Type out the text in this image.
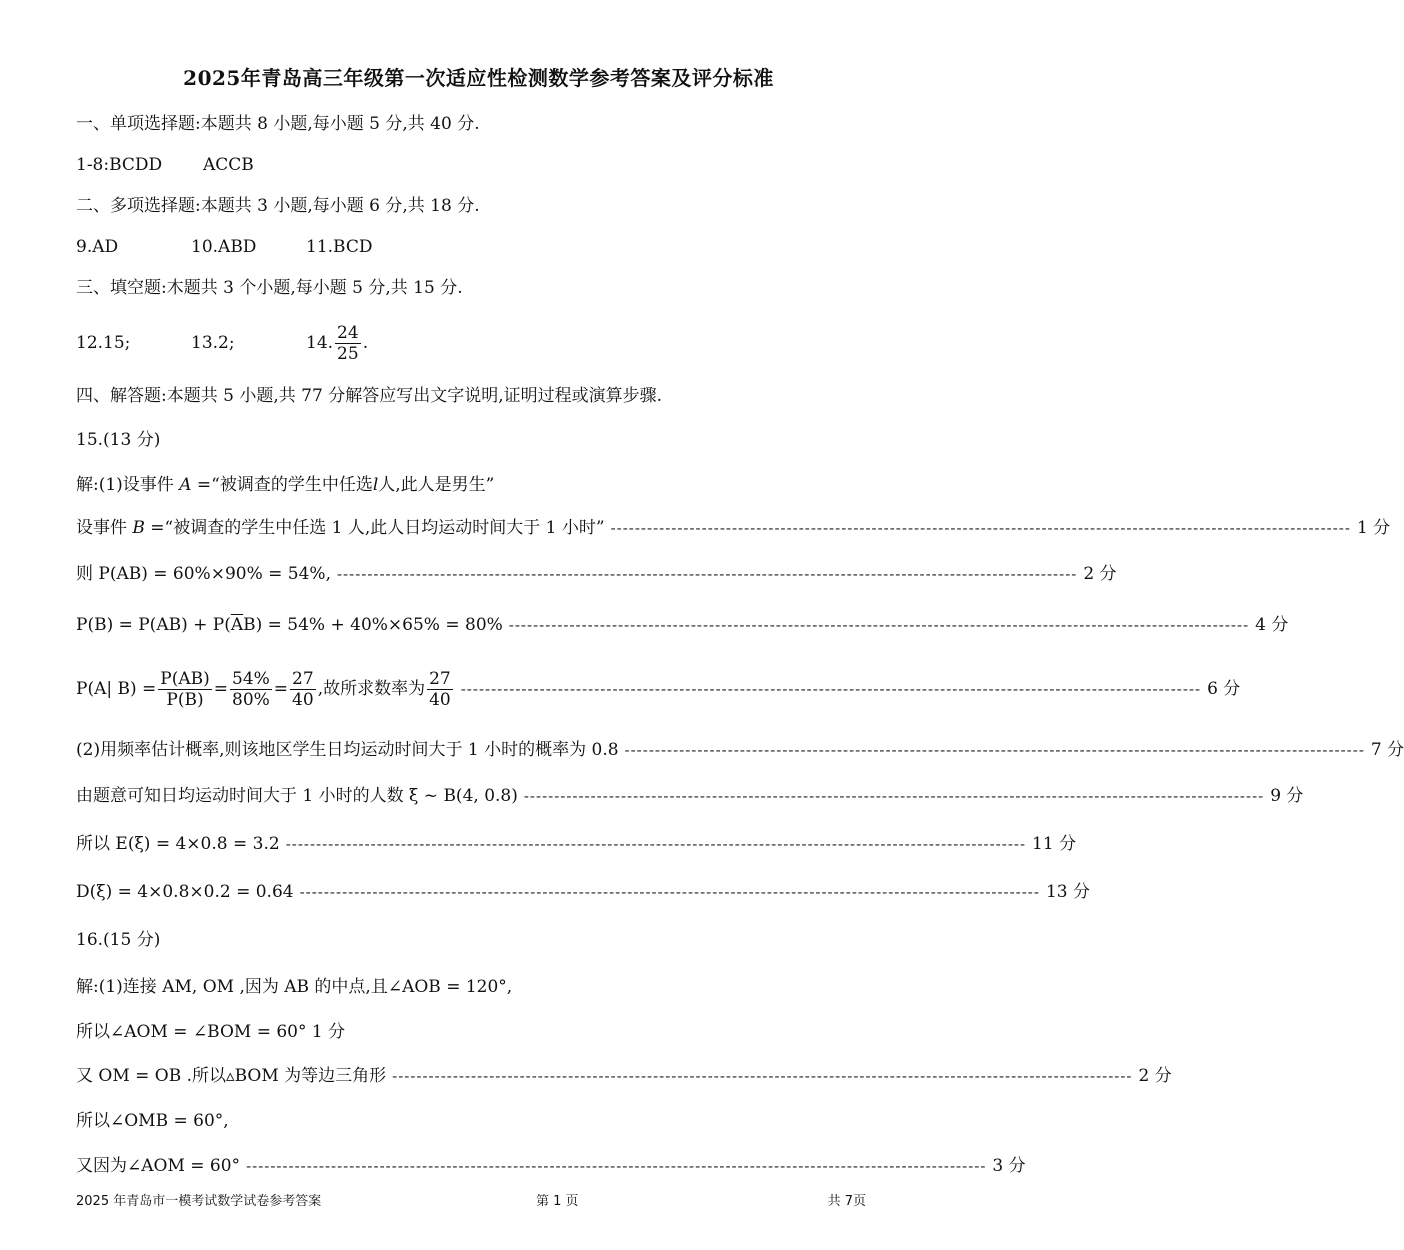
2025年青岛高三年级第一次适应性检测数学参考答案及评分标准
一、单项选择题:本题共 8 小题,每小题 5 分,共 40 分.
1-8:BCDD ACCB
二、多项选择题:本题共 3 小题,每小题 6 分,共 18 分.
9.AD	10.ABD	11.BCD
三、填空题:木题共 3 个小题,每小题 5 分,共 15 分.
12.15;	13.2;	14. $\frac{24}{25}$ .
四、解答题:本题共 5 小题,共 77 分解答应写出文字说明,证明过程或演算步骤.
15.(13 分)
解:(1)设事件 A =“被调查的学生中任选l人,此人是男生”
设事件 B =“被调查的学生中任选 1 人,此人日均运动时间大于 1 小时” -------------------------------------------------------------------------------------------------------------------------- 1 分
则 P(AB) = 60%×90% = 54%, -------------------------------------------------------------------------------------------------------------------------- 2 分
$P(B) = P(AB) + P(\overline{A}B) = 54\% + 40\%\times 65\% = 80\%$ -------------------------------------------------------------------------------------------------------------------------- 4 分
P(A| $B) = \frac{P(AB)}{P(B)} = \frac{54\%}{80\%} = \frac{27}{40}$ ,故所求数率为 $\frac{27}{40}$ -------------------------------------------------------------------------------------------------------------------------- 6 分
(2)用频率估计概率,则该地区学生日均运动时间大于 1 小时的概率为 0.8 -------------------------------------------------------------------------------------------------------------------------- 7 分
由题意可知日均运动时间大于 1 小时的人数 ξ ~ B(4, 0.8) -------------------------------------------------------------------------------------------------------------------------- 9 分
所以 E(ξ) = 4×0.8 = 3.2 -------------------------------------------------------------------------------------------------------------------------- 11 分
D(ξ) = 4×0.8×0.2 = 0.64 -------------------------------------------------------------------------------------------------------------------------- 13 分
16.(15 分)
解:(1)连接 AM, OM ,因为 AB 的中点,且∠AOB = 120°,
所以∠AOM = ∠BOM = 60° 1 分
又 OM = OB .所以▵BOM 为等边三角形 -------------------------------------------------------------------------------------------------------------------------- 2 分
所以∠OMB = 60°,
又因为∠AOM = 60° -------------------------------------------------------------------------------------------------------------------------- 3 分
2025 年青岛市一模考试数学试卷参考答案	第 1 页	共 7页
